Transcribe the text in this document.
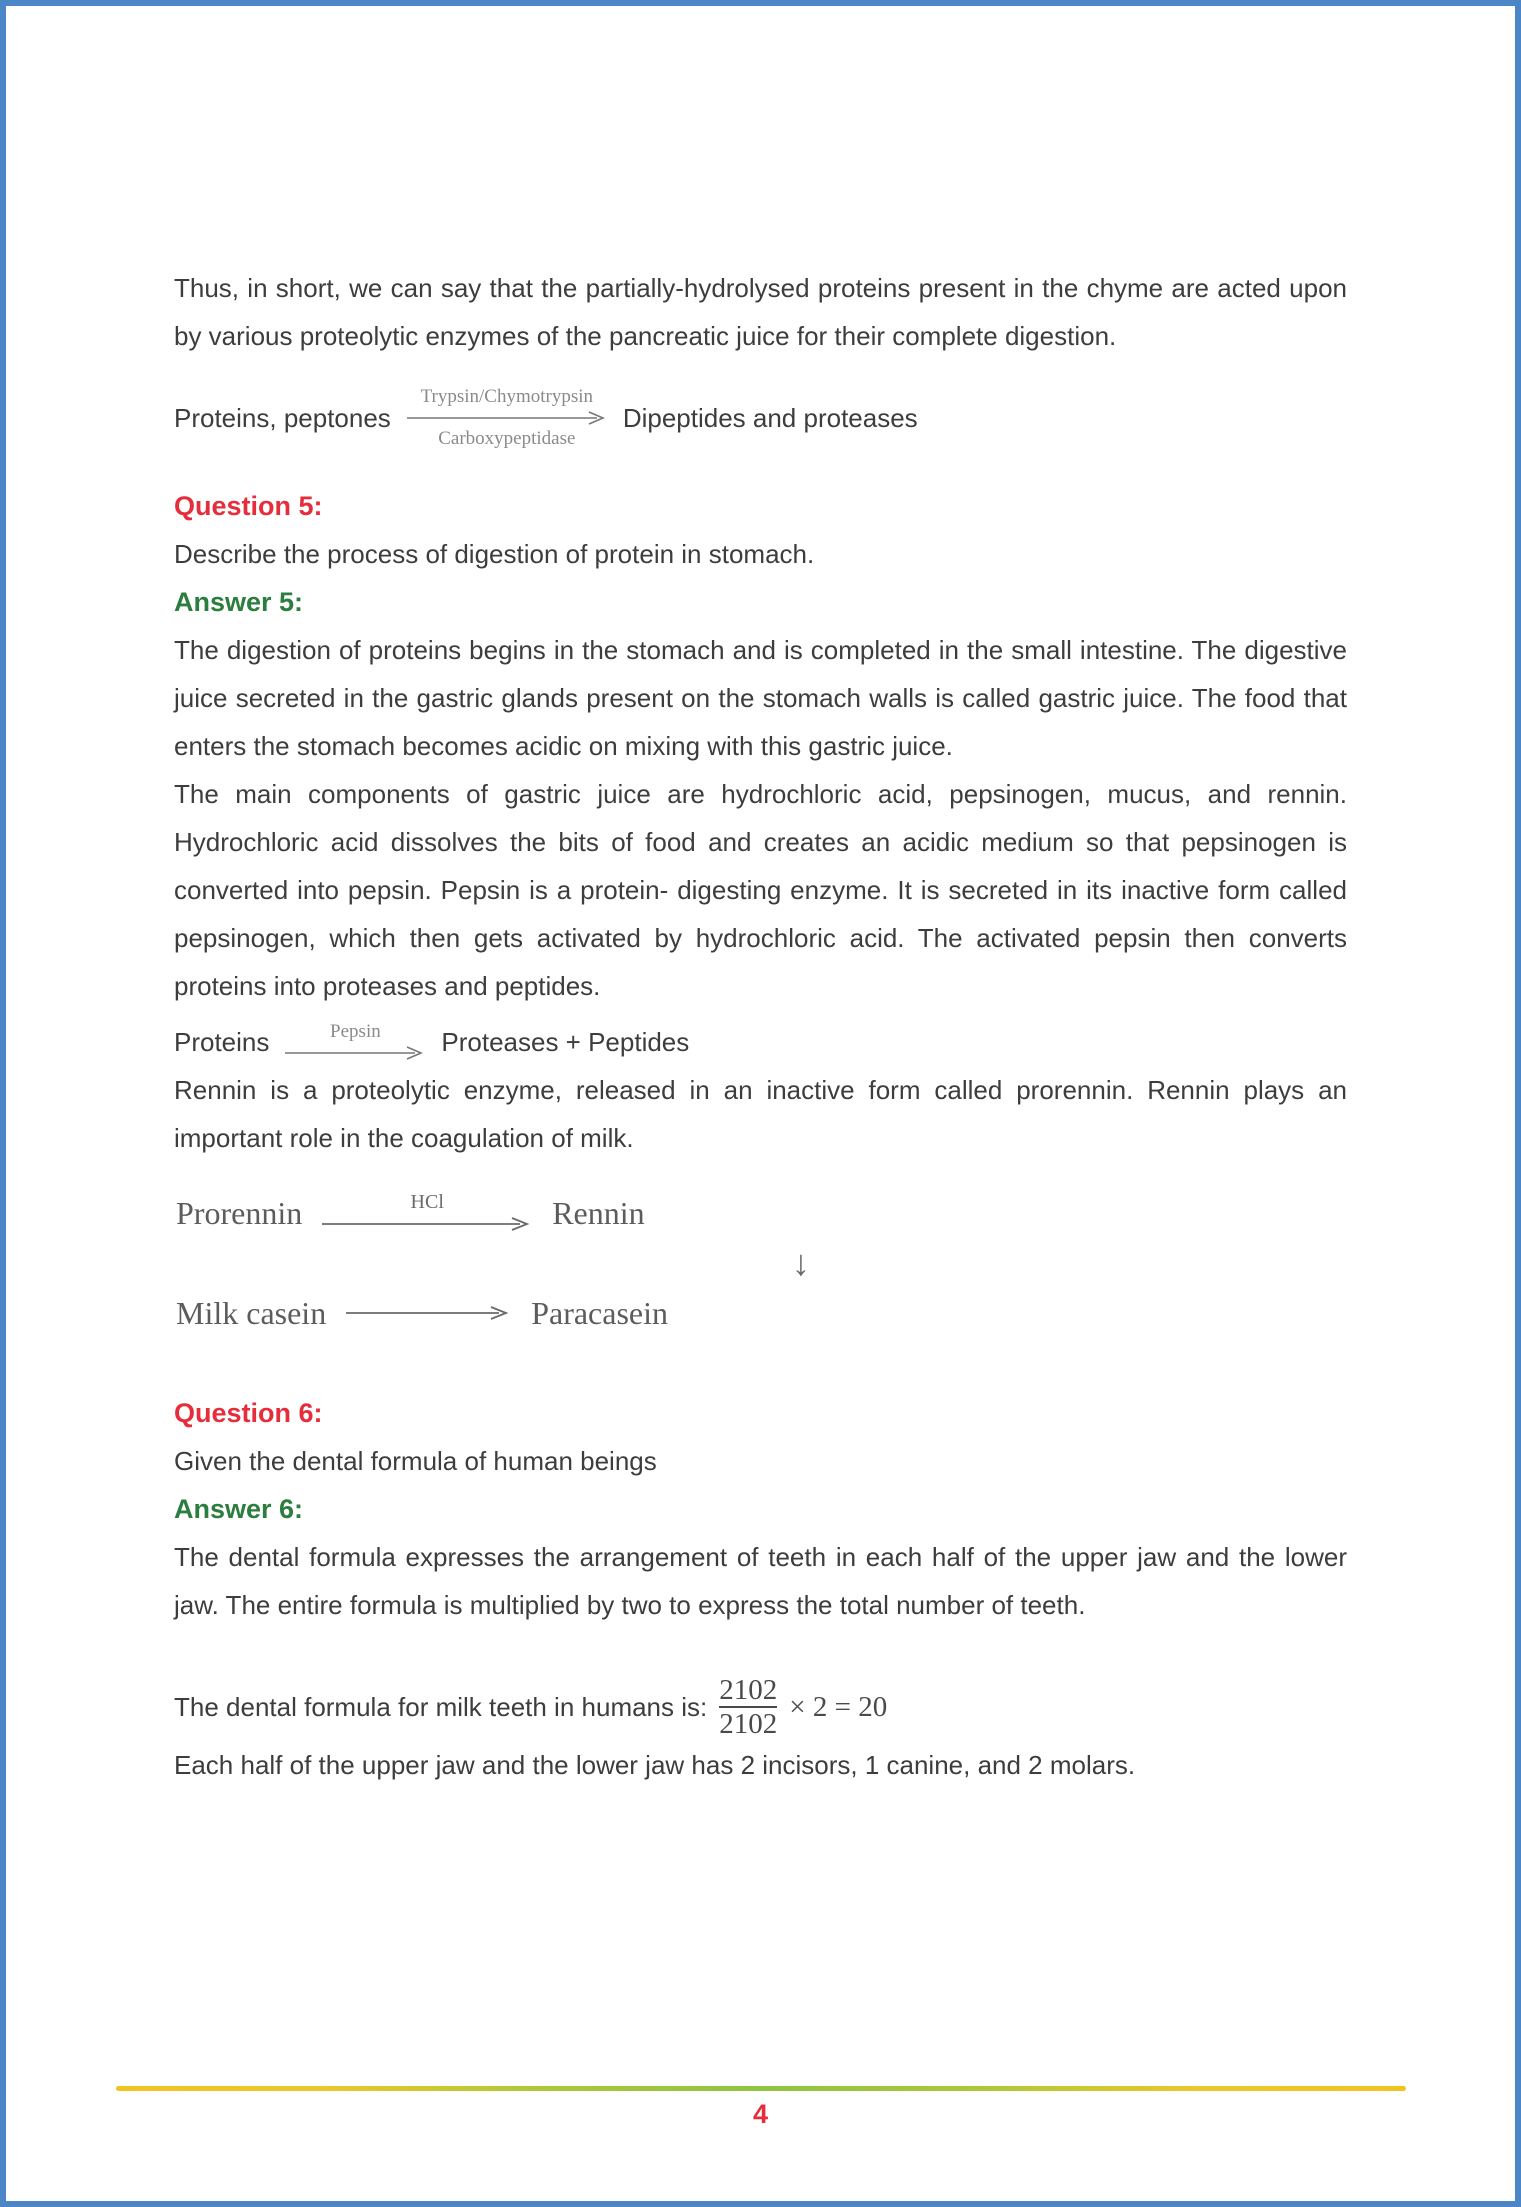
Thus, in short, we can say that the partially-hydrolysed proteins present in the chyme are acted upon by various proteolytic enzymes of the pancreatic juice for their complete digestion.

Proteins, peptones
Trypsin/Chymotrypsin
Carboxypeptidase
Dipeptides and proteases

Question 5:

Describe the process of digestion of protein in stomach.

Answer 5:

The digestion of proteins begins in the stomach and is completed in the small intestine. The digestive juice secreted in the gastric glands present on the stomach walls is called gastric juice. The food that enters the stomach becomes acidic on mixing with this gastric juice.

The main components of gastric juice are hydrochloric acid, pepsinogen, mucus, and rennin. Hydrochloric acid dissolves the bits of food and creates an acidic medium so that pepsinogen is converted into pepsin. Pepsin is a protein- digesting enzyme. It is secreted in its inactive form called pepsinogen, which then gets activated by hydrochloric acid. The activated pepsin then converts proteins into proteases and peptides.

Proteins	Pepsin Proteases + Peptides

Rennin is a proteolytic enzyme, released in an inactive form called prorennin. Rennin plays an important role in the coagulation of milk.

Prorennin	HCl	Rennin
↓
Milk casein	Paracasein

Question 6:

Given the dental formula of human beings

Answer 6:

The dental formula expresses the arrangement of teeth in each half of the upper jaw and the lower jaw. The entire formula is multiplied by two to express the total number of teeth.

The dental formula for milk teeth in humans is: $\frac{2102}{2102} \times 2 = 20$

Each half of the upper jaw and the lower jaw has 2 incisors, 1 canine, and 2 molars.

4
